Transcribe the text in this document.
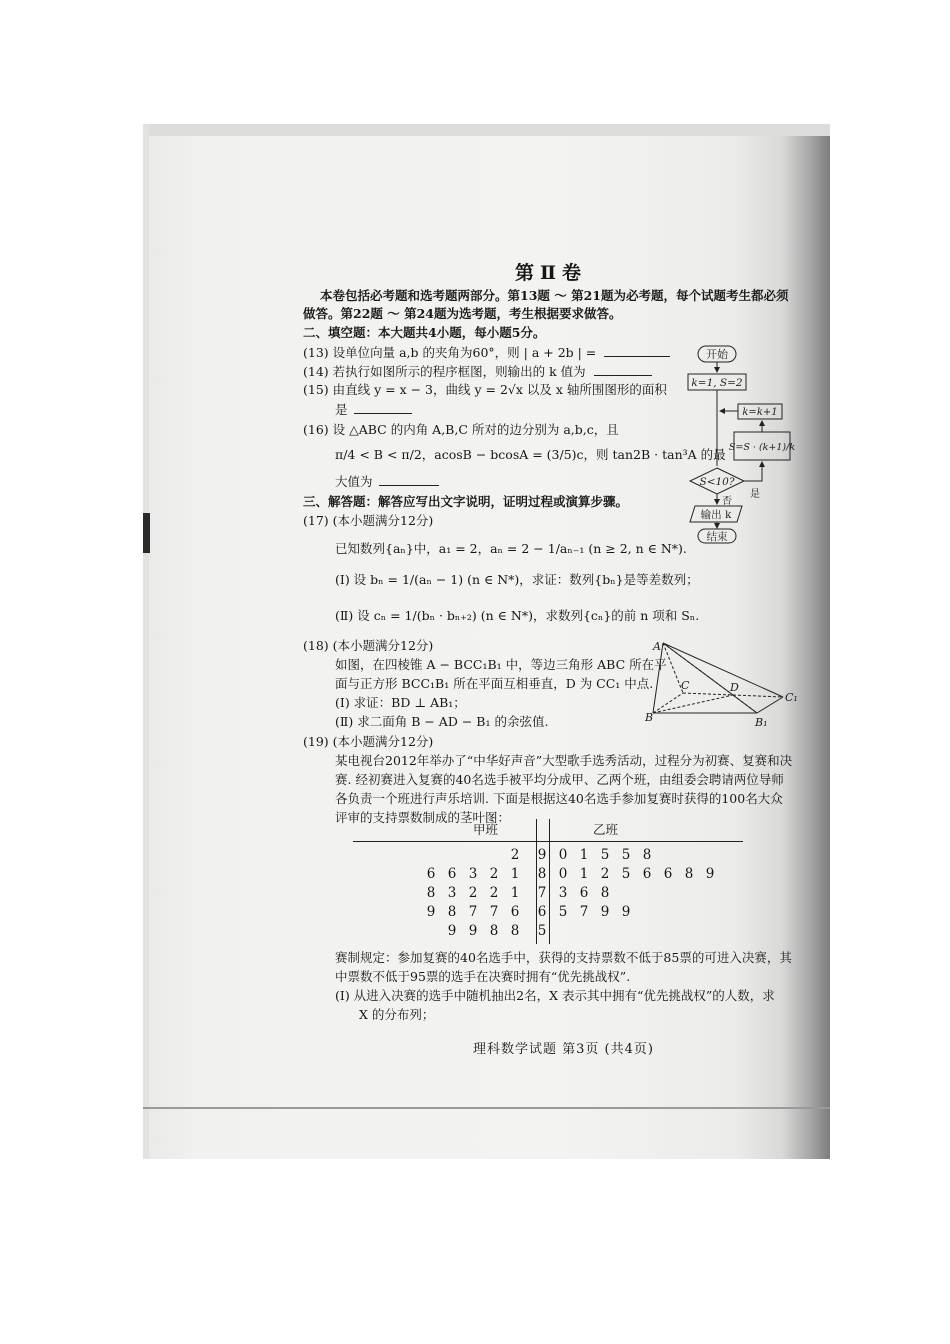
第Ⅱ卷
本卷包括必考题和选考题两部分。第13题 ～ 第21题为必考题，每个试题考生都必须
做答。第22题 ～ 第24题为选考题，考生根据要求做答。
二、填空题：本大题共4小题，每小题5分。
(13) 设单位向量 a,b 的夹角为60°，则 | a + 2b | =
(14) 若执行如图所示的程序框图，则输出的 k 值为
(15) 由直线 y = x − 3，曲线 y = 2√x 以及 x 轴所围图形的面积
是
(16) 设 △ABC 的内角 A,B,C 所对的边分别为 a,b,c，且
π/4 < B < π/2，acosB − bcosA = (3/5)c，则 tan2B · tan³A 的最
大值为
三、解答题：解答应写出文字说明，证明过程或演算步骤。
(17) (本小题满分12分)
已知数列{aₙ}中，a₁ = 2，aₙ = 2 − 1/aₙ₋₁ (n ≥ 2, n ∈ N*).
(Ⅰ) 设 bₙ = 1/(aₙ − 1) (n ∈ N*)，求证：数列{bₙ}是等差数列；
(Ⅱ) 设 cₙ = 1/(bₙ · bₙ₊₂) (n ∈ N*)，求数列{cₙ}的前 n 项和 Sₙ.
(18) (本小题满分12分)
如图，在四棱锥 A − BCC₁B₁ 中，等边三角形 ABC 所在平
面与正方形 BCC₁B₁ 所在平面互相垂直，D 为 CC₁ 中点.
(Ⅰ) 求证：BD ⊥ AB₁；
(Ⅱ) 求二面角 B − AD − B₁ 的余弦值.
(19) (本小题满分12分)
某电视台2012年举办了“中华好声音”大型歌手选秀活动，过程分为初赛、复赛和决
赛. 经初赛进入复赛的40名选手被平均分成甲、乙两个班，由组委会聘请两位导师
各负责一个班进行声乐培训. 下面是根据这40名选手参加复赛时获得的100名大众
评审的支持票数制成的茎叶图：
甲班	乙班
2 9 0 1 5 5 8
6 6 3 2 1 8 0 1 2 5 6 6 8 9
8 3 2 2 1 7 3 6 8
9 8 7 7 6 6 5 7 9 9
9 9 8 8 5
赛制规定：参加复赛的40名选手中，获得的支持票数不低于85票的可进入决赛，其
中票数不低于95票的选手在决赛时拥有“优先挑战权”.
(Ⅰ) 从进入决赛的选手中随机抽出2名，X 表示其中拥有“优先挑战权”的人数，求
X 的分布列；
理科数学试题 第3页 (共4页)
开始
k=1, S=2
k=k+1
S=S · (k+1)/k
S<10?
是
否
输出 k
结束
A
B
C	D
C₁
B₁
